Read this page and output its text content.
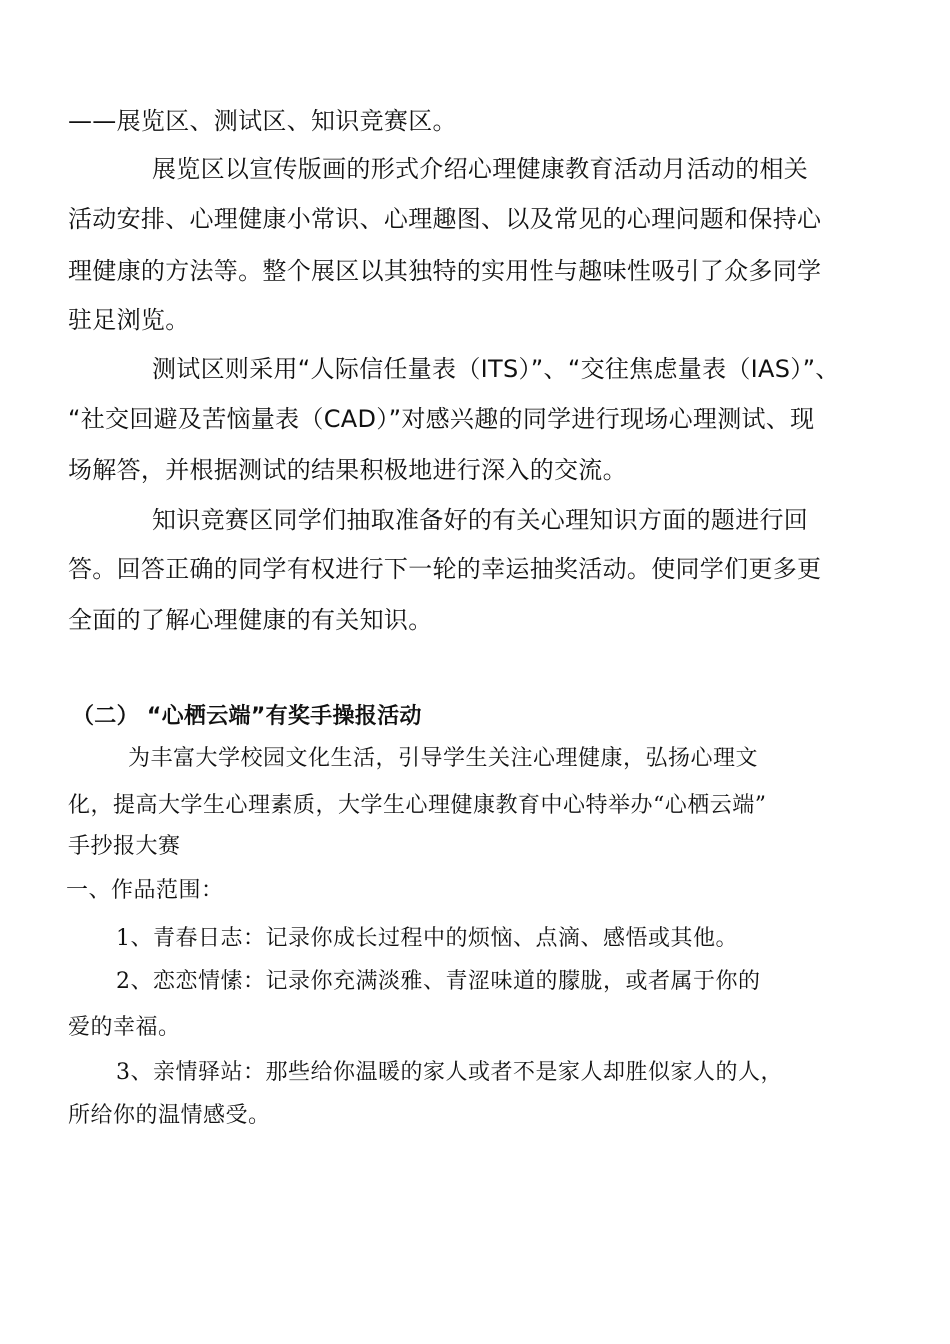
——展览区、测试区、知识竞赛区。
展览区以宣传版画的形式介绍心理健康教育活动月活动的相关
活动安排、心理健康小常识、心理趣图、以及常见的心理问题和保持心
理健康的方法等。整个展区以其独特的实用性与趣味性吸引了众多同学
驻足浏览。
测试区则采用“人际信任量表（ITS）”、“交往焦虑量表（IAS）”、
“社交回避及苦恼量表（CAD）”对感兴趣的同学进行现场心理测试、现
场解答，并根据测试的结果积极地进行深入的交流。
知识竞赛区同学们抽取准备好的有关心理知识方面的题进行回
答。回答正确的同学有权进行下一轮的幸运抽奖活动。使同学们更多更
全面的了解心理健康的有关知识。
（二） “心栖云端”有奖手操报活动
为丰富大学校园文化生活，引导学生关注心理健康，弘扬心理文
化，提高大学生心理素质，大学生心理健康教育中心特举办“心栖云端”
手抄报大赛
一、作品范围：
1、青春日志：记录你成长过程中的烦恼、点滴、感悟或其他。
2、恋恋情愫：记录你充满淡雅、青涩味道的朦胧，或者属于你的
爱的幸福。
3、亲情驿站：那些给你温暖的家人或者不是家人却胜似家人的人，
所给你的温情感受。
